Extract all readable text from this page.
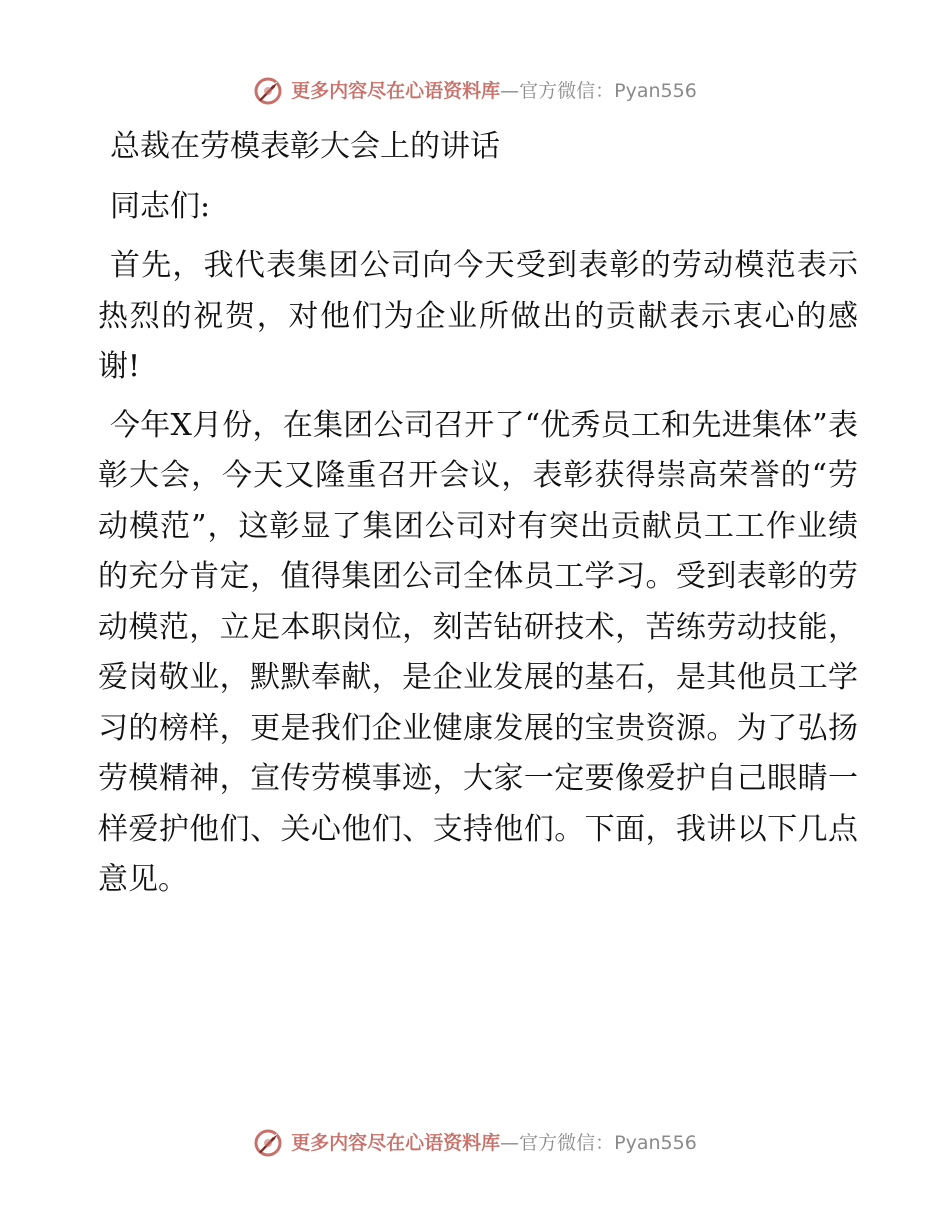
更多内容尽在心语资料库 —官方微信：Pyan556

总裁在劳模表彰大会上的讲话

同志们:

首先，我代表集团公司向今天受到表彰的劳动模范表示热烈的祝贺，对他们为企业所做出的贡献表示衷心的感谢!

今年X月份，在集团公司召开了“优秀员工和先进集体”表彰大会，今天又隆重召开会议，表彰获得崇高荣誉的“劳动模范”，这彰显了集团公司对有突出贡献员工工作业绩的充分肯定，值得集团公司全体员工学习。受到表彰的劳动模范，立足本职岗位，刻苦钻研技术，苦练劳动技能，爱岗敬业，默默奉献，是企业发展的基石，是其他员工学习的榜样，更是我们企业健康发展的宝贵资源。为了弘扬劳模精神，宣传劳模事迹，大家一定要像爱护自己眼睛一样爱护他们、关心他们、支持他们。下面，我讲以下几点意见。

更多内容尽在心语资料库 —官方微信：Pyan556
